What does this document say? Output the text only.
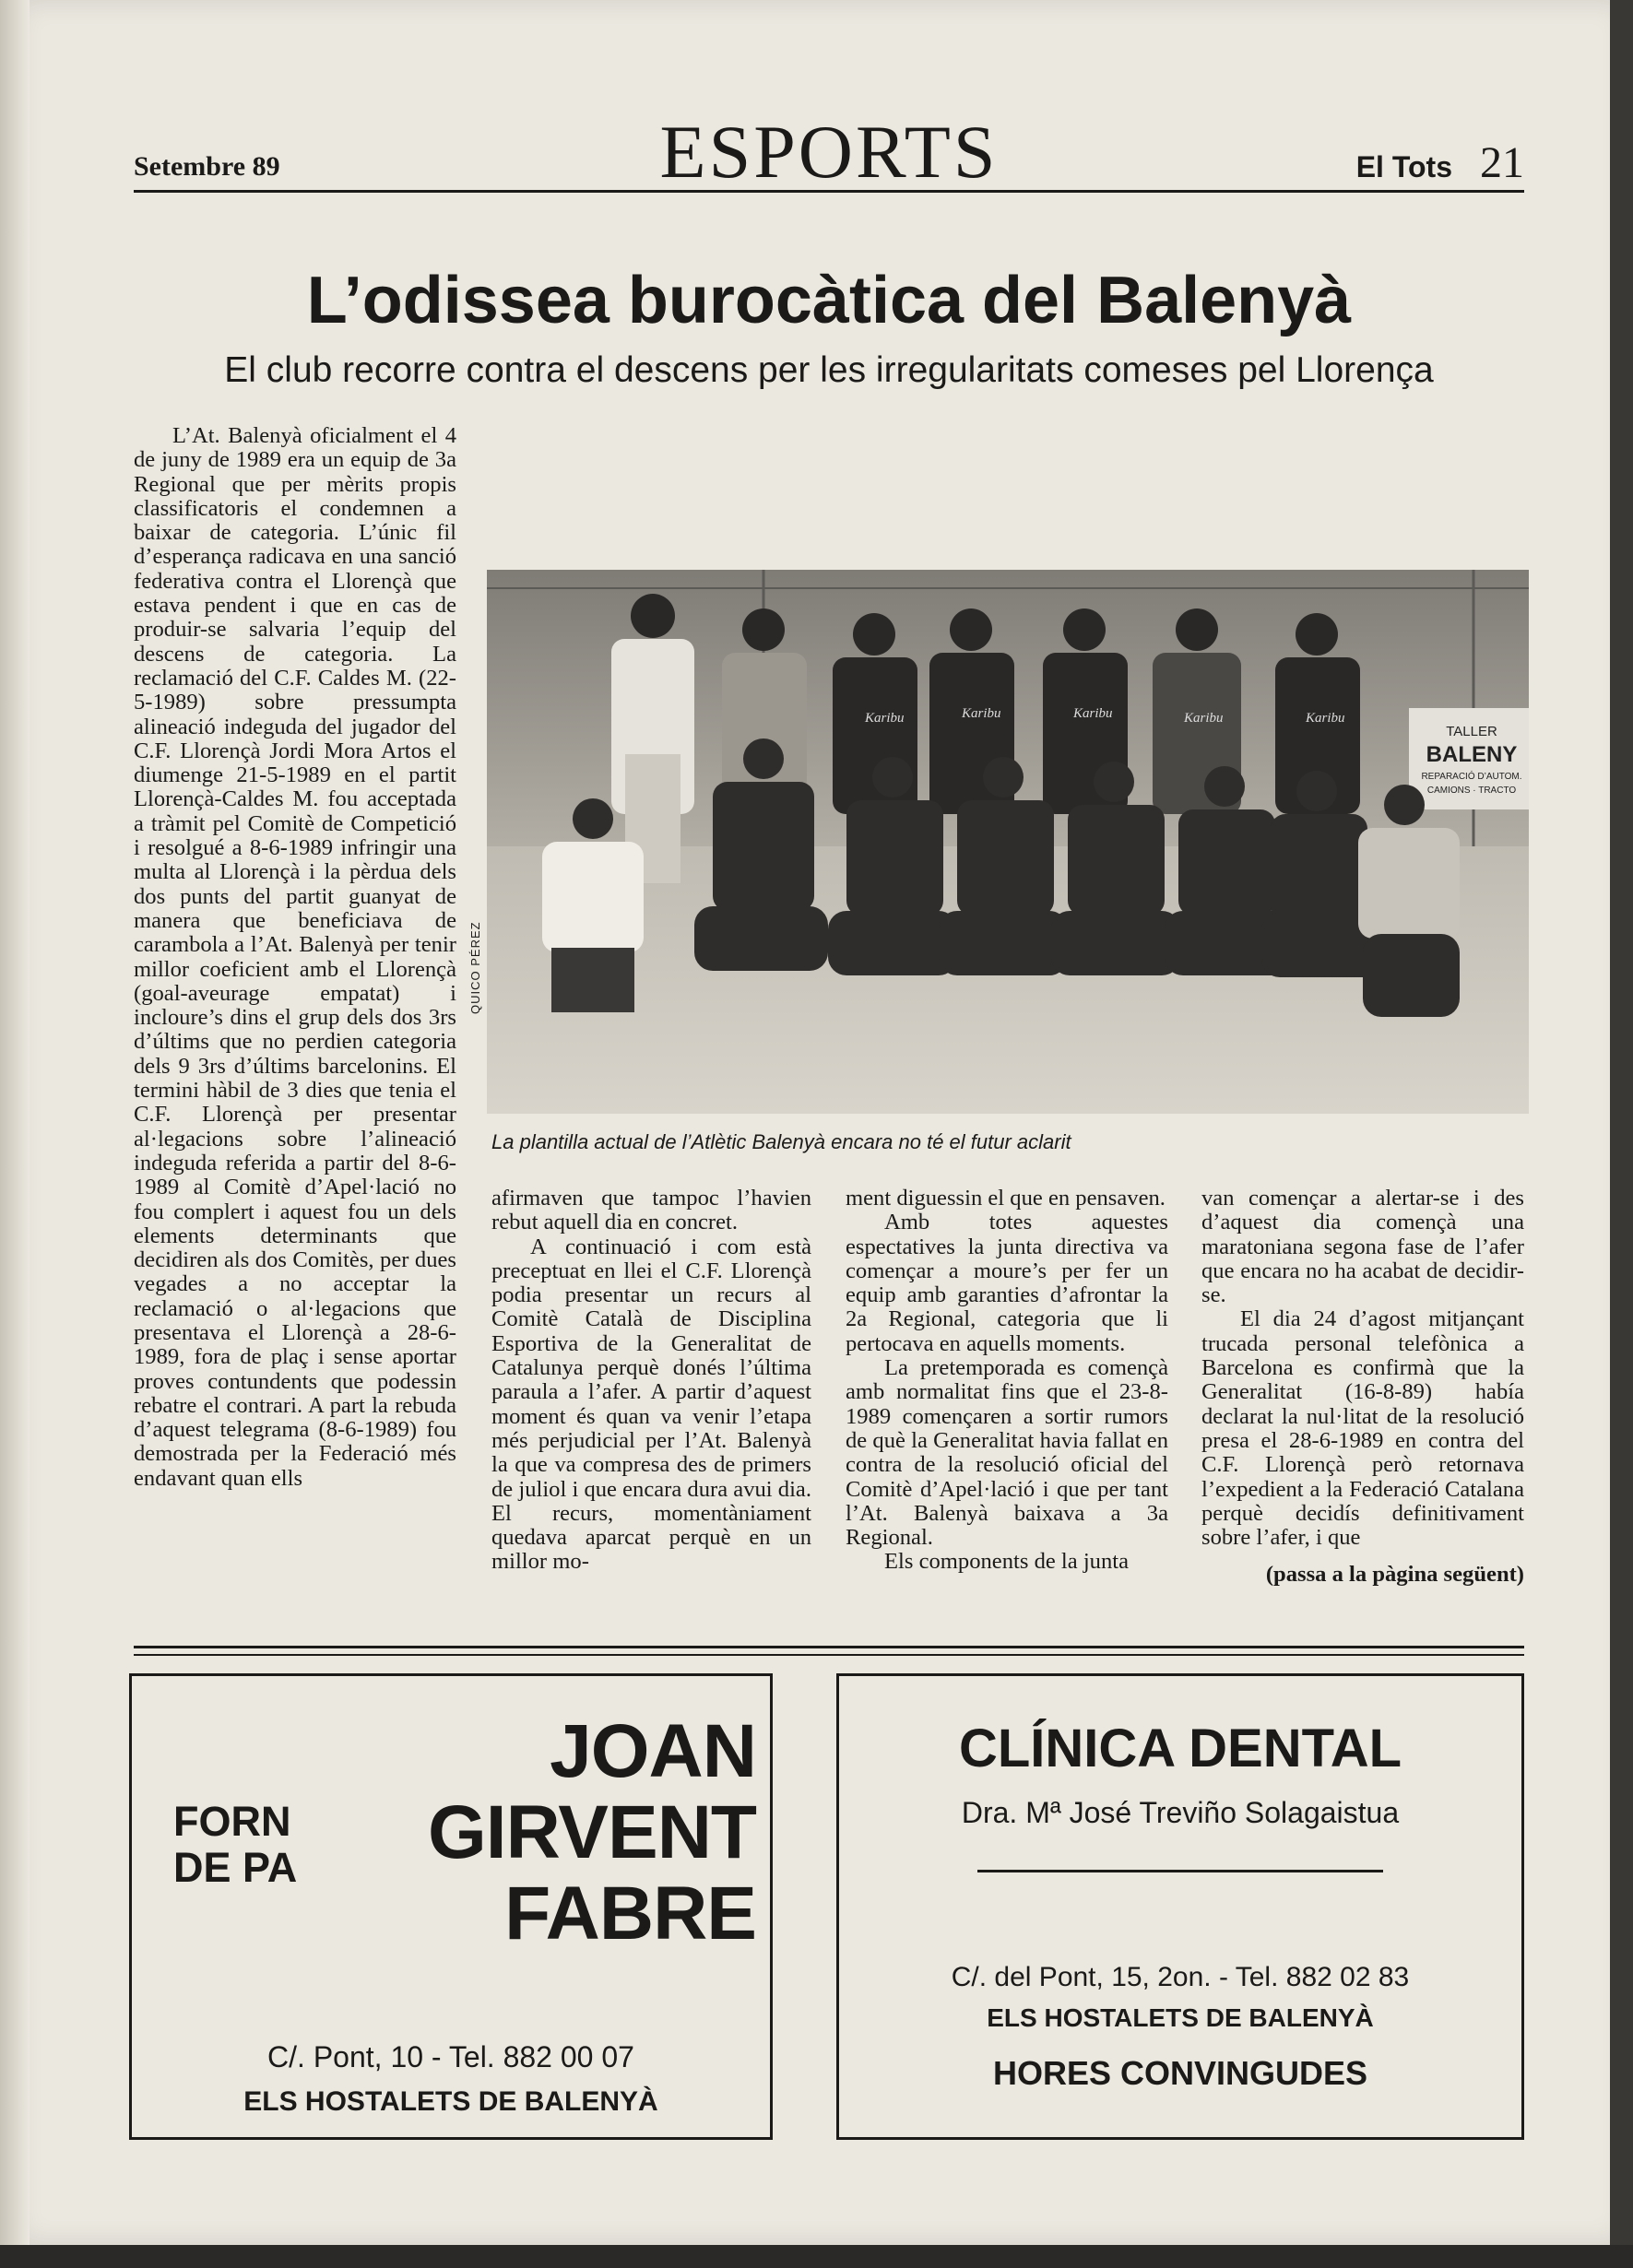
Setembre 89	ESPORTS	El Tots 21
L’odissea burocàtica del Balenyà
El club recorre contra el descens per les irregularitats comeses pel Llorença

L’At. Balenyà oficialment el 4 de juny de 1989 era un equip de 3a Regional que per mèrits propis classificatoris el condemnen a baixar de categoria. L’únic fil d’esperança radicava en una sanció federativa contra el Llorençà que estava pendent i que en cas de produir-se salvaria l’equip del descens de categoria. La reclamació del C.F. Caldes M. (22-5-1989) sobre pressumpta alineació indeguda del jugador del C.F. Llorençà Jordi Mora Artos el diumenge 21-5-1989 en el partit Llorençà-Caldes M. fou acceptada a tràmit pel Comitè de Competició i resolgué a 8-6-1989 infringir una multa al Llorençà i la pèrdua dels dos punts del partit guanyat de manera que beneficiava de carambola a l’At. Balenyà per tenir millor coeficient amb el Llorençà (goal-aveurage empatat) i incloure’s dins el grup dels dos 3rs d’últims que no perdien categoria dels 9 3rs d’últims barcelonins. El termini hàbil de 3 dies que tenia el C.F. Llorençà per presentar al·legacions sobre l’alineació indeguda referida a partir del 8-6-1989 al Comitè d’Apel·lació no fou complert i aquest fou un dels elements determinants que decidiren als dos Comitès, per dues vegades a no acceptar la reclamació o al·legacions que presentava el Llorençà a 28-6-1989, fora de plaç i sense aportar proves contundents que podessin rebatre el contrari. A part la rebuda d’aquest telegrama (8-6-1989) fou demostrada per la Federació més endavant quan ells

TALLER
BALENY
REPARACIÓ D’AUTOM.
CAMIONS · TRACTO
Karibu	Karibu	Karibu	Karibu	Karibu
QUICO PÉREZ
La plantilla actual de l’Atlètic Balenyà encara no té el futur aclarit

afirmaven que tampoc l’havien rebut aquell dia en concret.

A continuació i com està preceptuat en llei el C.F. Llorençà podia presentar un recurs al Comitè Català de Disciplina Esportiva de la Generalitat de Catalunya perquè donés l’última paraula a l’afer. A partir d’aquest moment és quan va venir l’etapa més perjudicial per l’At. Balenyà la que va compresa des de primers de juliol i que encara dura avui dia. El recurs, momentàniament quedava aparcat perquè en un millor mo-

ment diguessin el que en pensaven.

Amb totes aquestes espectatives la junta directiva va començar a moure’s per fer un equip amb garanties d’afrontar la 2a Regional, categoria que li pertocava en aquells moments.

La pretemporada es començà amb normalitat fins que el 23-8-1989 començaren a sortir rumors de què la Generalitat havia fallat en contra de la resolució oficial del Comitè d’Apel·lació i que per tant l’At. Balenyà baixava a 3a Regional.

Els components de la junta

van començar a alertar-se i des d’aquest dia començà una maratoniana segona fase de l’afer que encara no ha acabat de decidir-se.

El dia 24 d’agost mitjançant trucada personal telefònica a Barcelona es confirmà que la Generalitat (16-8-89) había declarat la nul·litat de la resolució presa el 28-6-1989 en contra del C.F. Llorençà però retornava l’expedient a la Federació Catalana perquè decidís definitivament sobre l’afer, i que

(passa a la pàgina següent)
FORN
DE PA
JOAN
GIRVENT
FABRE
C/. Pont, 10 - Tel. 882 00 07
ELS HOSTALETS DE BALENYÀ
CLÍNICA DENTAL
Dra. Mª José Treviño Solagaistua
C/. del Pont, 15, 2on. - Tel. 882 02 83
ELS HOSTALETS DE BALENYÀ
HORES CONVINGUDES
